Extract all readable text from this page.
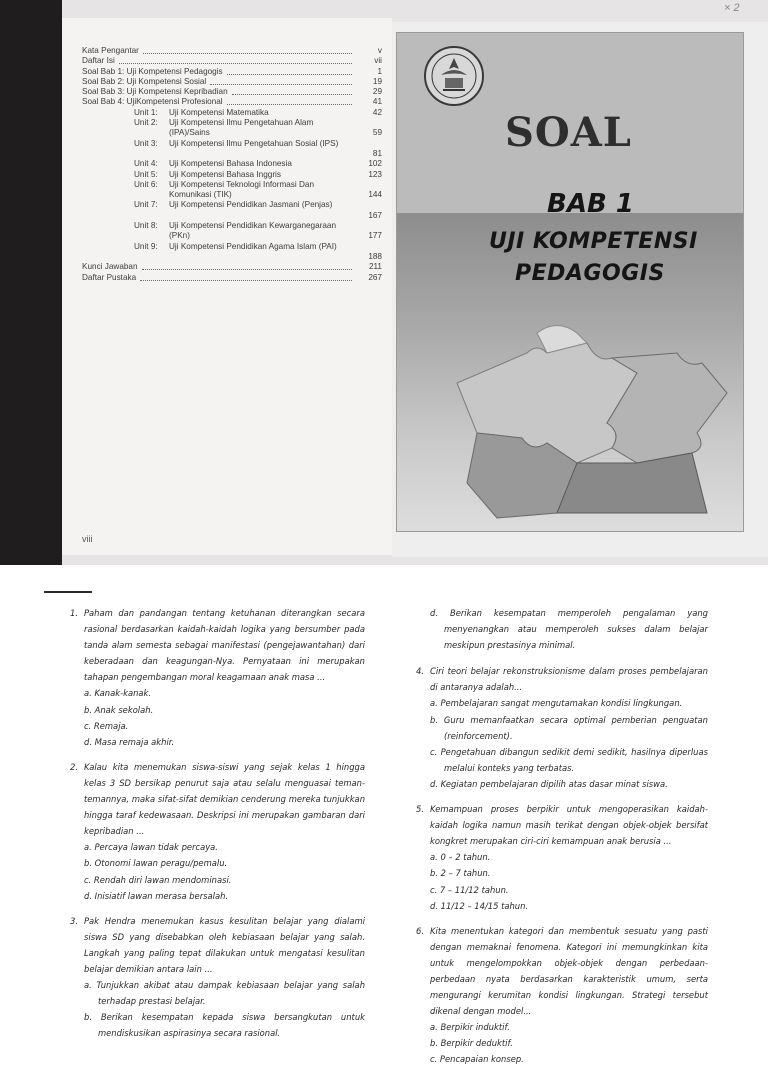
Kata Pengantar	v
Daftar Isi	vii
Soal Bab 1: Uji Kompetensi Pedagogis	1
Soal Bab 2: Uji Kompetensi Sosial	19
Soal Bab 3: Uji Kompetensi Kepribadian	29
Soal Bab 4: UjiKompetensi Profesional	41
Unit 1: Uji Kompetensi Matematika	42
Unit 2: Uji Kompetensi Ilmu Pengetahuan Alam (IPA)/Sains	59
Unit 3: Uji Kompetensi Ilmu Pengetahuan Sosial (IPS)
81
Unit 4: Uji Kompetensi Bahasa Indonesia	102
Unit 5: Uji Kompetensi Bahasa Inggris	123
Unit 6: Uji Kompetensi Teknologi Informasi Dan Komunikasi (TIK)	144
Unit 7: Uji Kompetensi Pendidikan Jasmani (Penjas)
167
Unit 8: Uji Kompetensi Pendidikan Kewarganegaraan (PKn)	177
Unit 9: Uji Kompetensi Pendidikan Agama Islam (PAI)
188
Kunci Jawaban	211
Daftar Pustaka	267
viii
SOAL
BAB 1
UJI KOMPETENSI
PEDAGOGIS
× 2
1. Paham dan pandangan tentang ketuhanan diterangkan secara rasional berdasarkan kaidah-kaidah logika yang bersumber pada tanda alam semesta sebagai manifestasi (pengejawantahan) dari keberadaan dan keagungan-Nya. Pernyataan ini merupakan tahapan pengembangan moral keagamaan anak masa ...
a. Kanak-kanak.
b. Anak sekolah.
c. Remaja.
d. Masa remaja akhir.
2. Kalau kita menemukan siswa-siswi yang sejak kelas 1 hingga kelas 3 SD bersikap penurut saja atau selalu menguasai teman-temannya, maka sifat-sifat demikian cenderung mereka tunjukkan hingga taraf kedewasaan. Deskripsi ini merupakan gambaran dari kepribadian ...
a. Percaya lawan tidak percaya.
b. Otonomi lawan peragu/pemalu.
c. Rendah diri lawan mendominasi.
d. Inisiatif lawan merasa bersalah.
3. Pak Hendra menemukan kasus kesulitan belajar yang dialami siswa SD yang disebabkan oleh kebiasaan belajar yang salah. Langkah yang paling tepat dilakukan untuk mengatasi kesulitan belajar demikian antara lain ...
a. Tunjukkan akibat atau dampak kebiasaan belajar yang salah terhadap prestasi belajar.
b. Berikan kesempatan kepada siswa bersangkutan untuk mendiskusikan aspirasinya secara rasional.
d. Berikan kesempatan memperoleh pengalaman yang menyenangkan atau memperoleh sukses dalam belajar meskipun prestasinya minimal.
4. Ciri teori belajar rekonstruksionisme dalam proses pembelajaran di antaranya adalah...
a. Pembelajaran sangat mengutamakan kondisi lingkungan.
b. Guru memanfaatkan secara optimal pemberian penguatan (reinforcement).
c. Pengetahuan dibangun sedikit demi sedikit, hasilnya diperluas melalui konteks yang terbatas.
d. Kegiatan pembelajaran dipilih atas dasar minat siswa.
5. Kemampuan proses berpikir untuk mengoperasikan kaidah-kaidah logika namun masih terikat dengan objek-objek bersifat kongkret merupakan ciri-ciri kemampuan anak berusia ...
a. 0 – 2 tahun.
b. 2 – 7 tahun.
c. 7 – 11/12 tahun.
d. 11/12 – 14/15 tahun.
6. Kita menentukan kategori dan membentuk sesuatu yang pasti dengan memaknai fenomena. Kategori ini memungkinkan kita untuk mengelompokkan objek-objek dengan perbedaan-perbedaan nyata berdasarkan karakteristik umum, serta mengurangi kerumitan kondisi lingkungan. Strategi tersebut dikenal dengan model...
a. Berpikir induktif.
b. Berpikir deduktif.
c. Pencapaian konsep.
